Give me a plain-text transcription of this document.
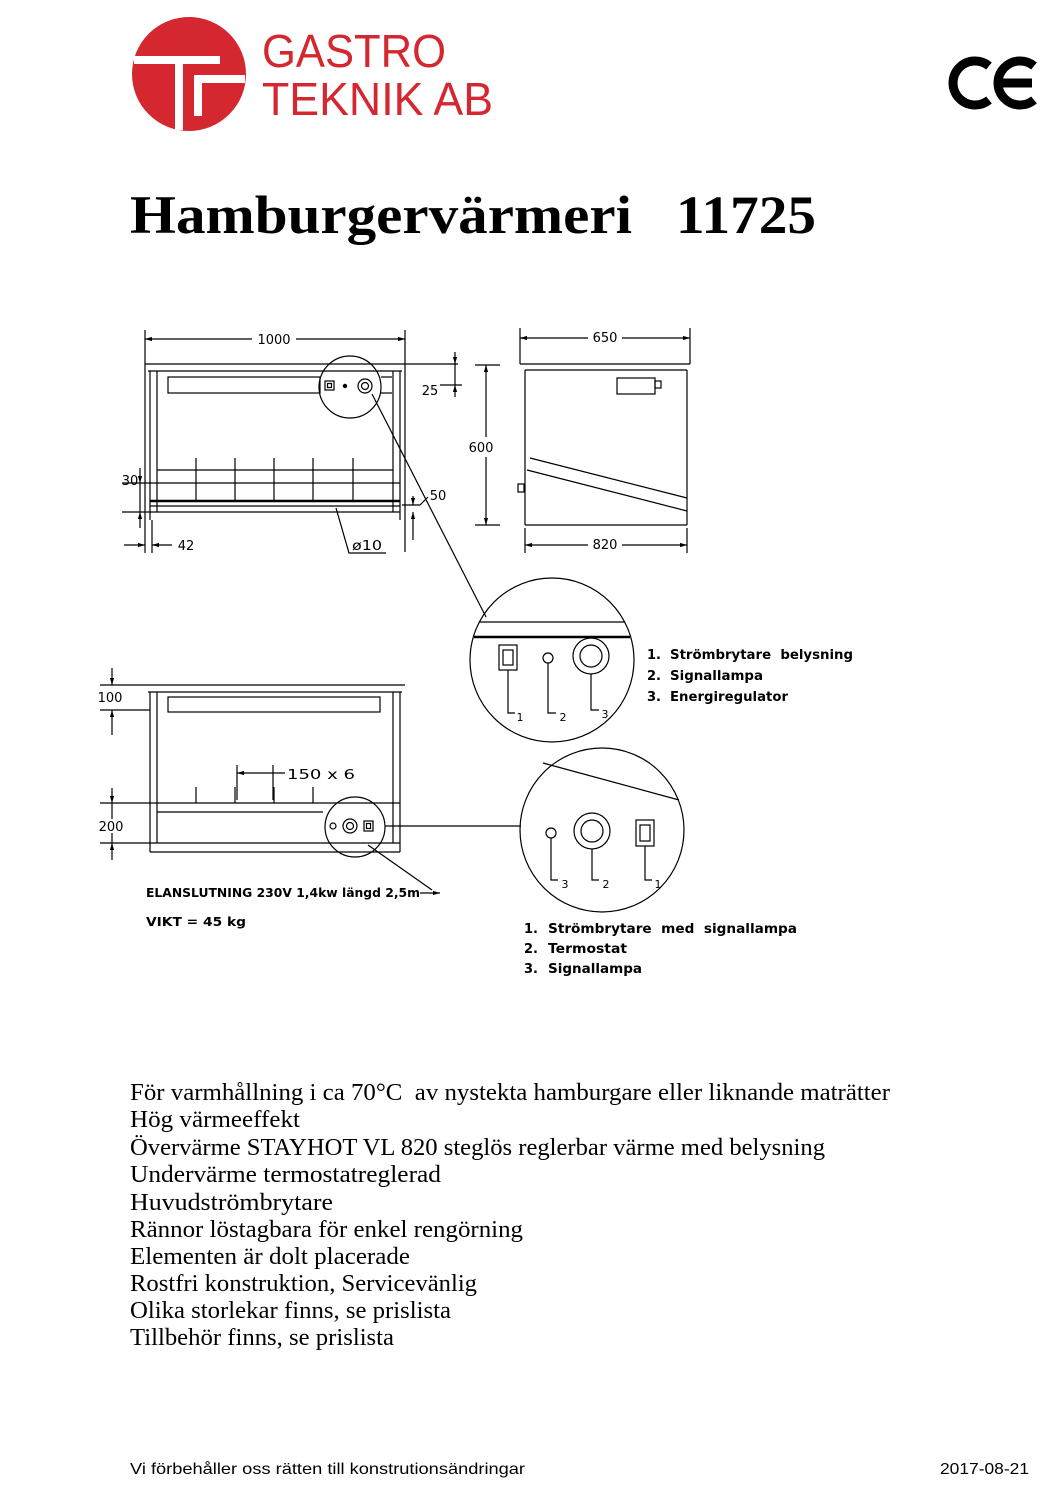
GASTRO
TEKNIK AB
Hamburgervärmeri 11725
1000
25
30
50
42	ø10
650
600
820
1	2	3
1. Strömbrytare  belysning
2. Signallampa
3. Energiregulator
100
150 x 6
200
ELANSLUTNING 230V 1,4kw längd 2,5m
VIKT = 45 kg
3	2	1
1. Strömbrytare  med  signallampa
2. Termostat
3. Signallampa
För varmhållning i ca 70°C  av nystekta hamburgare eller liknande maträtter
Hög värmeeffekt
Övervärme STAYHOT VL 820 steglös reglerbar värme med belysning
Undervärme termostatreglerad
Huvudströmbrytare
Rännor löstagbara för enkel rengörning
Elementen är dolt placerade
Rostfri konstruktion, Servicevänlig
Olika storlekar finns, se prislista
Tillbehör finns, se prislista
Vi förbehåller oss rätten till konstrutionsändringar	2017-08-21
